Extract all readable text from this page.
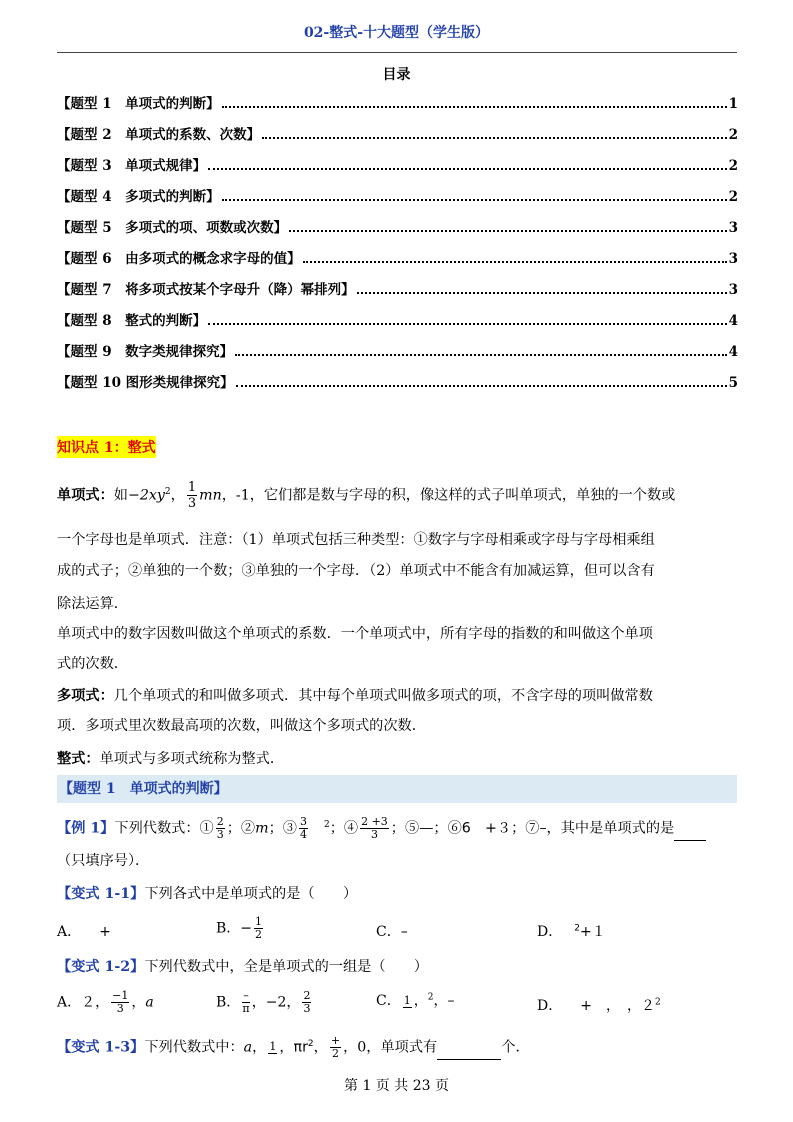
02-整式-十大题型（学生版）
目录
【题型 1　单项式的判断】	1
【题型 2　单项式的系数、次数】	2
【题型 3　单项式规律】	2
【题型 4　多项式的判断】	2
【题型 5　多项式的项、项数或次数】	3
【题型 6　由多项式的概念求字母的值】	3
【题型 7　将多项式按某个字母升（降）幂排列】	3
【题型 8　整式的判断】	4
【题型 9　数字类规律探究】	4
【题型 10 图形类规律探究】	5
知识点 1：整式
单项式：如$-2xy^2$， $\frac{1}{3}$ mn，-1，它们都是数与字母的积，像这样的式子叫单项式，单独的一个数或
一个字母也是单项式．注意：（1）单项式包括三种类型：①数字与字母相乘或字母与字母相乘组
成的式子；②单独的一个数；③单独的一个字母．（2）单项式中不能含有加减运算，但可以含有
除法运算．
单项式中的数字因数叫做这个单项式的系数．一个单项式中，所有字母的指数的和叫做这个单项
式的次数．
多项式：几个单项式的和叫做多项式．其中每个单项式叫做多项式的项，不含字母的项叫做常数
项．多项式里次数最高项的次数，叫做这个多项式的次数．
整式：单项式与多项式统称为整式．
【题型 1　单项式的判断】
【例 1】下列代数式：① $\frac{2}{3}$ ；②m；③ $\frac{3}{4} ^2$；④ $\frac{2 +3}{3}$ ；⑤—；⑥6　+３；⑦–，其中是单项式的是
（只填序号）．
【变式 1-1】下列各式中是单项式的是（　　）
A． +	B．− $\frac{1}{2}$	C．–	D． $^2$+１
【变式 1-2】下列代数式中，全是单项式的一组是（　　）
A．２， $\frac{-1}{3}$ ，a	B． $\frac{-}{\pi}$ ，−2， $\frac{2}{3}$	C． 1 ，$^2$，–	D． +　，　，$2^2$
【变式 1-3】下列代数式中：a， 1 ，$\pi r^2$， $\frac{+}{2}$ ，0，单项式有	个．
第 1 页 共 23 页
